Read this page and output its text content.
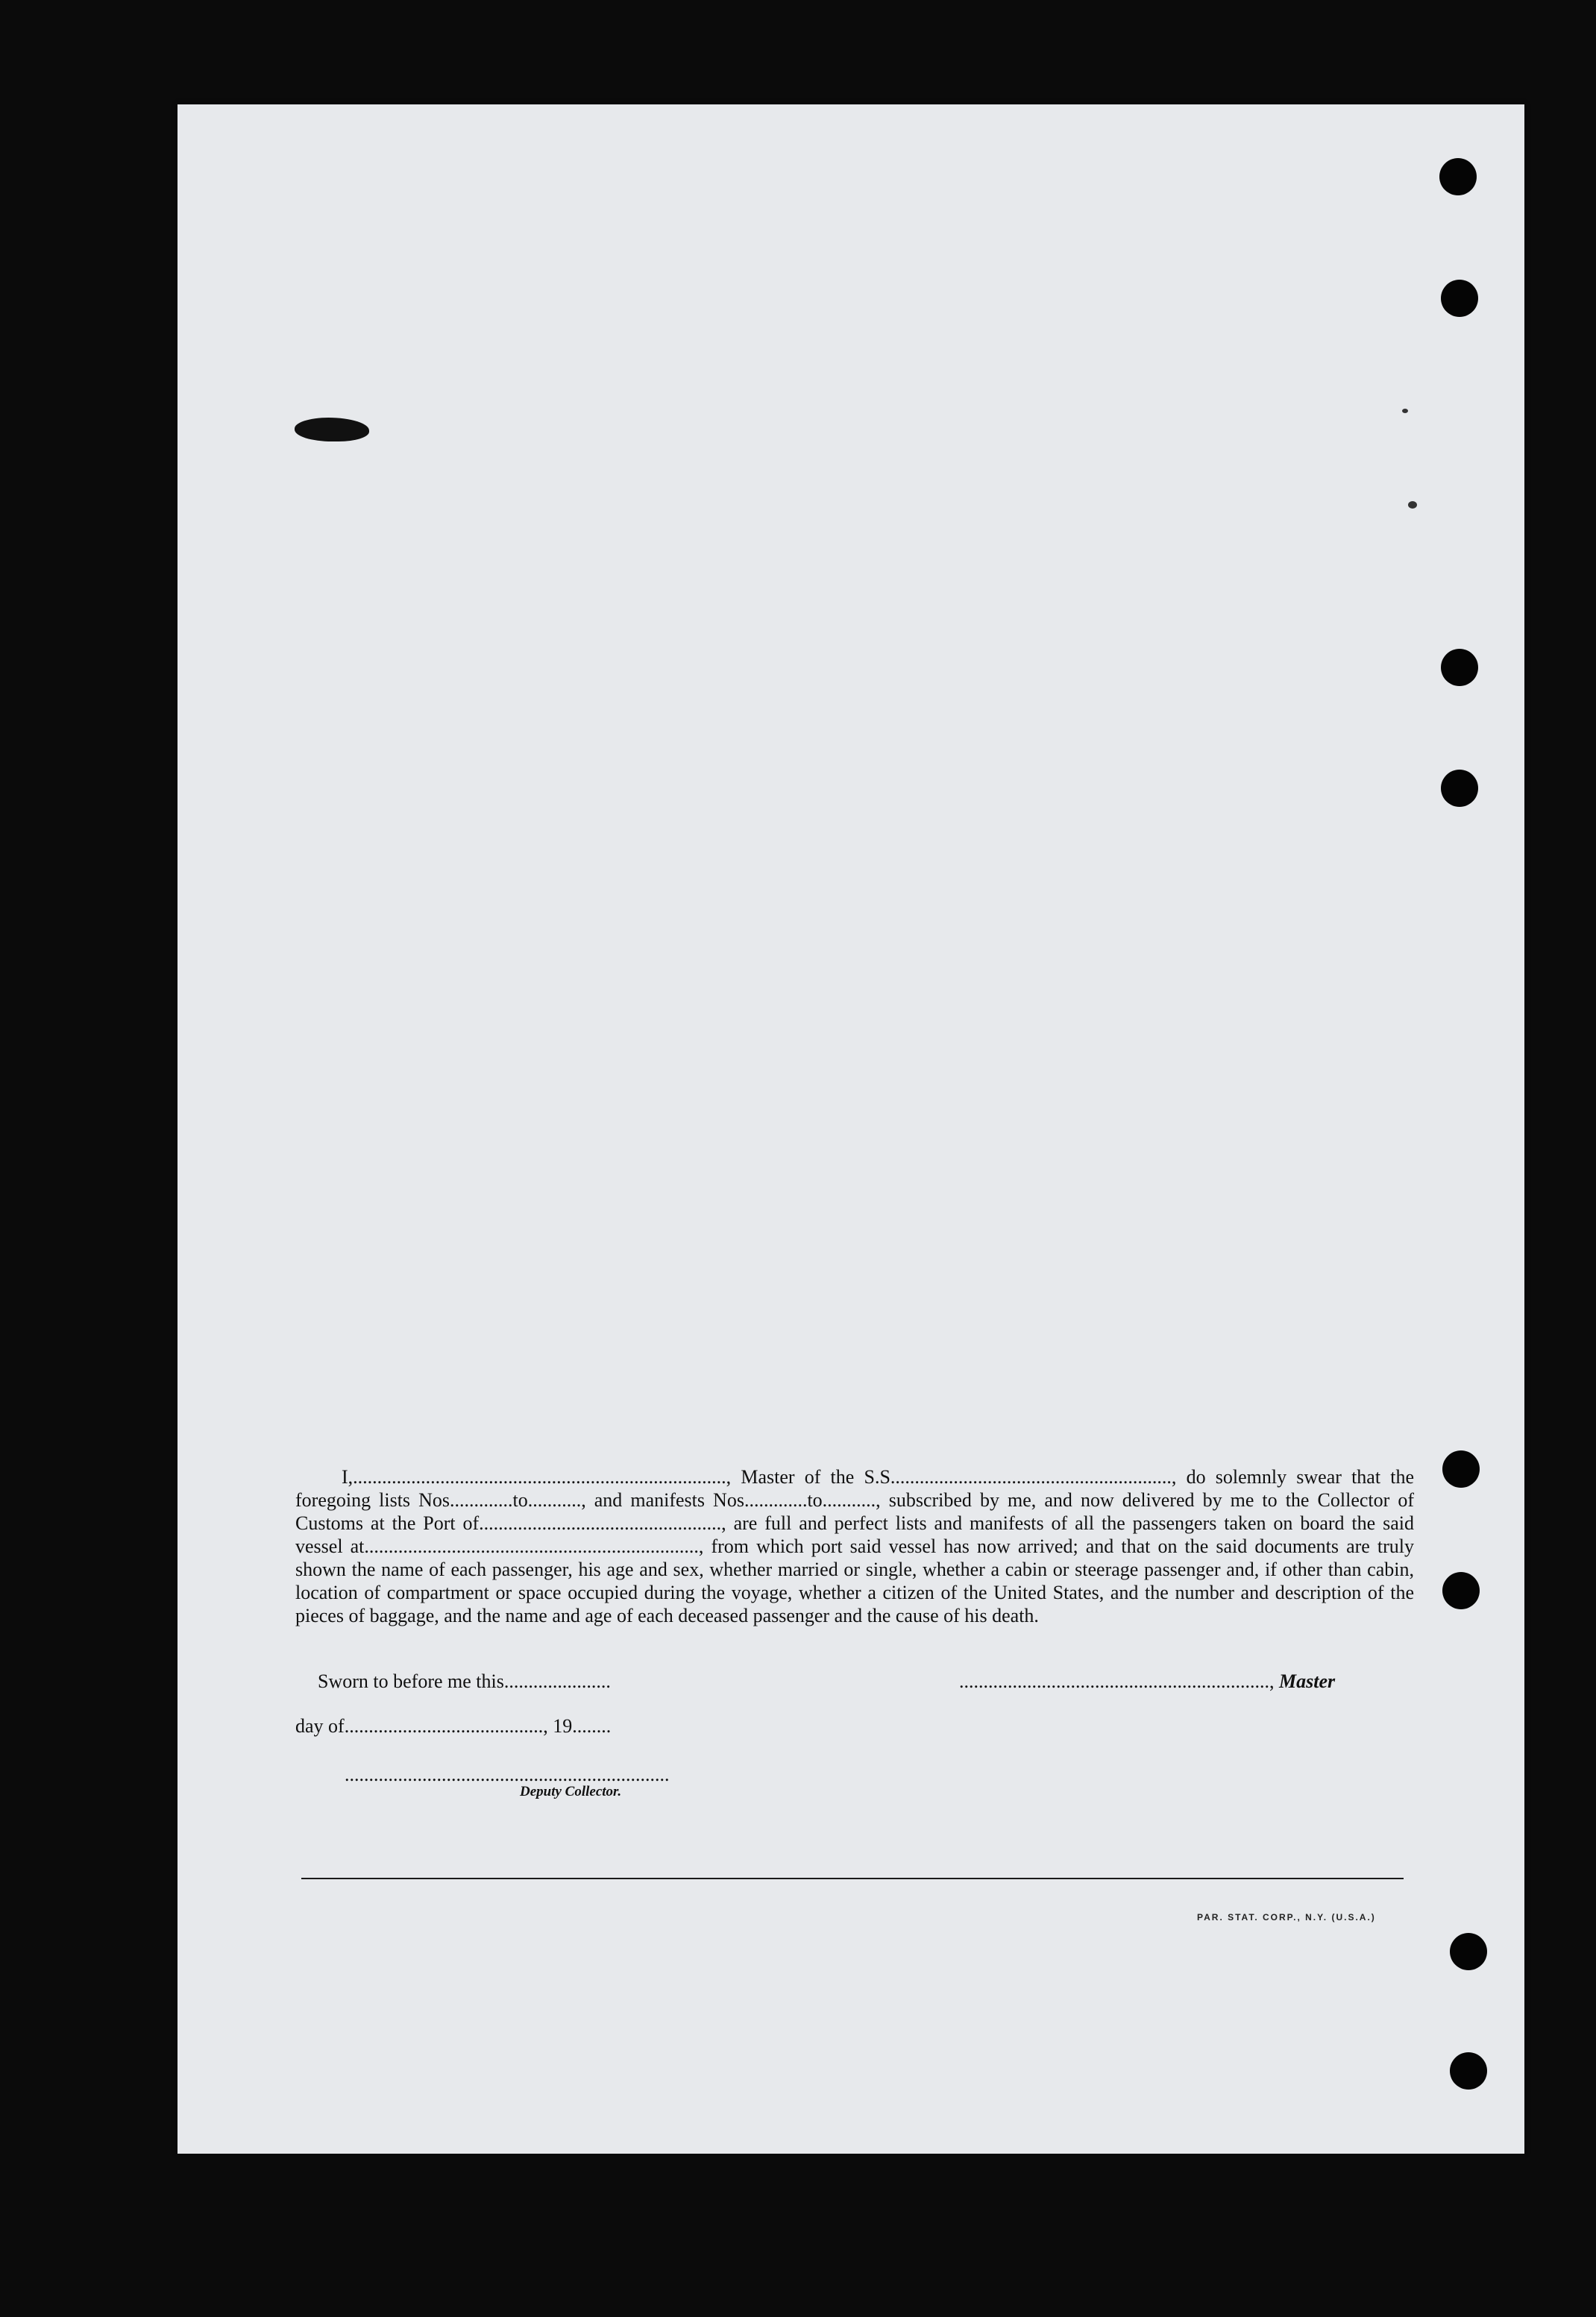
I,............................................................................., Master of the S.S.........................................................., do solemnly swear that the foregoing lists Nos.............to..........., and manifests Nos.............to..........., subscribed by me, and now delivered by me to the Collector of Customs at the Port of.................................................., are full and perfect lists and manifests of all the passengers taken on board the said vessel at....................................................................., from which port said vessel has now arrived; and that on the said documents are truly shown the name of each passenger, his age and sex, whether married or single, whether a cabin or steerage passenger and, if other than cabin, location of compartment or space occupied during the voyage, whether a citizen of the United States, and the number and description of the pieces of baggage, and the name and age of each deceased passenger and the cause of his death.

Sworn to before me this......................
day of........................................., 19........
................................................................, Master
...................................................................
Deputy Collector.
PAR. STAT. CORP., N.Y. (U.S.A.)
